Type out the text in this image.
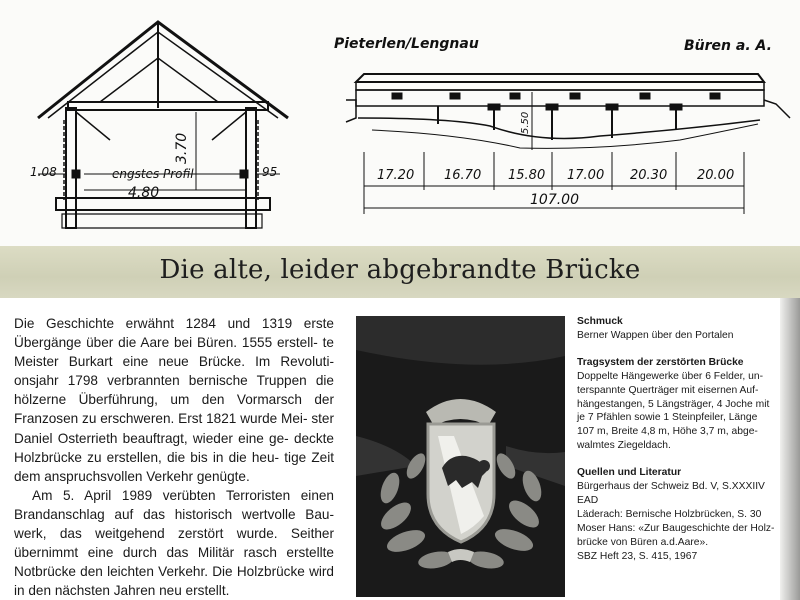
3.70
engstes Profil
4.80
1.08	95
Pieterlen/Lengnau	Büren a. A.
5.50
17.20 16.70 15.80 17.00 20.30 20.00
107.00
Die alte, leider abgebrandte Brücke

Die Geschichte erwähnt 1284 und 1319 erste Übergänge über die Aare bei Büren. 1555 erstell- te Meister Burkart eine neue Brücke. Im Revoluti- onsjahr 1798 verbrannten bernische Truppen die hölzerne Überführung, um den Vormarsch der Franzosen zu erschweren. Erst 1821 wurde Mei- ster Daniel Osterrieth beauftragt, wieder eine ge- deckte Holzbrücke zu erstellen, die bis in die heu- tige Zeit dem anspruchsvollen Verkehr genügte.

Am 5. April 1989 verübten Terroristen einen Brandanschlag auf das historisch wertvolle Bau- werk, das weitgehend zerstört wurde. Seither übernimmt eine durch das Militär rasch erstellte Notbrücke den leichten Verkehr. Die Holzbrücke wird in den nächsten Jahren neu erstellt.

Schmuck

Berner Wappen über den Portalen

Tragsystem der zerstörten Brücke

Doppelte Hängewerke über 6 Felder, un-

terspannte Querträger mit eisernen Auf-

hängestangen, 5 Längsträger, 4 Joche mit

je 7 Pfählen sowie 1 Steinpfeiler, Länge

107 m, Breite 4,8 m, Höhe 3,7 m, abge-

walmtes Ziegeldach.

Quellen und Literatur

Bürgerhaus der Schweiz Bd. V, S.XXXIIV

EAD

Läderach: Bernische Holzbrücken, S. 30

Moser Hans: «Zur Baugeschichte der Holz-

brücke von Büren a.d.Aare».

SBZ Heft 23, S. 415, 1967
